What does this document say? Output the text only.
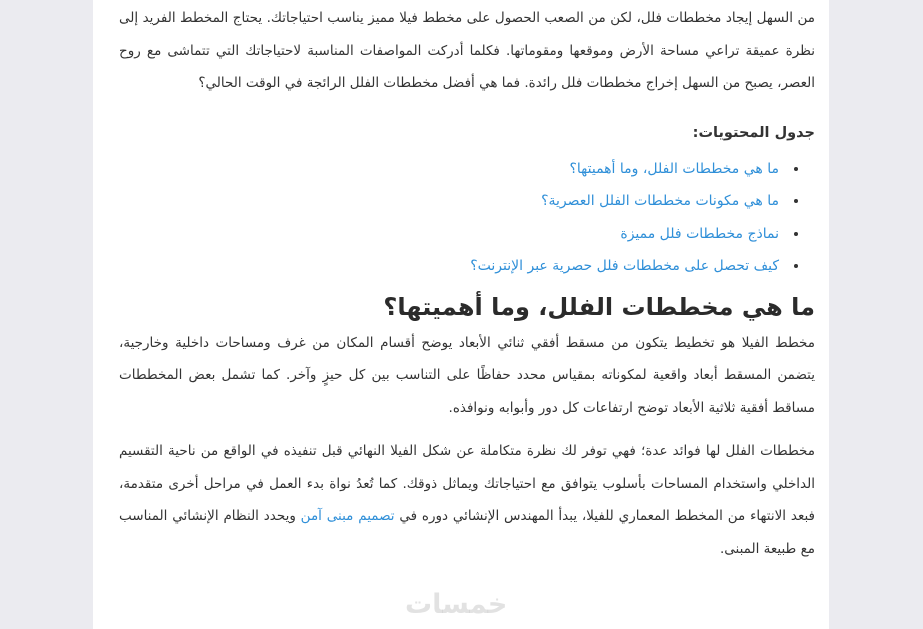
من السهل إيجاد مخططات فلل، لكن من الصعب الحصول على مخطط فيلا مميز يناسب احتياجاتك. يحتاج المخطط الفريد إلى نظرة عميقة تراعي مساحة الأرض وموقعها ومقوماتها. فكلما أدركت المواصفات المناسبة لاحتياجاتك التي تتماشى مع روح العصر، يصبح من السهل إخراج مخططات فلل رائدة. فما هي أفضل مخططات الفلل الرائجة في الوقت الحالي؟

جدول المحتويات:
• ما هي مخططات الفلل، وما أهميتها؟
• ما هي مكونات مخططات الفلل العصرية؟
• نماذج مخططات فلل مميزة
• كيف تحصل على مخططات فلل حصرية عبر الإنترنت؟
ما هي مخططات الفلل، وما أهميتها؟

مخطط الفيلا هو تخطيط يتكون من مسقط أفقي ثنائي الأبعاد يوضح أقسام المكان من غرف ومساحات داخلية وخارجية، يتضمن المسقط أبعاد واقعية لمكوناته بمقياس محدد حفاظًا على التناسب بين كل حيزٍ وآخر. كما تشمل بعض المخططات مساقط أفقية ثلاثية الأبعاد توضح ارتفاعات كل دور وأبوابه ونوافذه.

مخططات الفلل لها فوائد عدة؛ فهي توفر لك نظرة متكاملة عن شكل الفيلا النهائي قبل تنفيذه في الواقع من ناحية التقسيم الداخلي واستخدام المساحات بأسلوب يتوافق مع احتياجاتك ويماثل ذوقك. كما تُعدُ نواة بدء العمل في مراحل أخرى متقدمة، فبعد الانتهاء من المخطط المعماري للفيلا، يبدأ المهندس الإنشائي دوره في تصميم مبنى آمن ويحدد النظام الإنشائي المناسب مع طبيعة المبنى.

خمسات
